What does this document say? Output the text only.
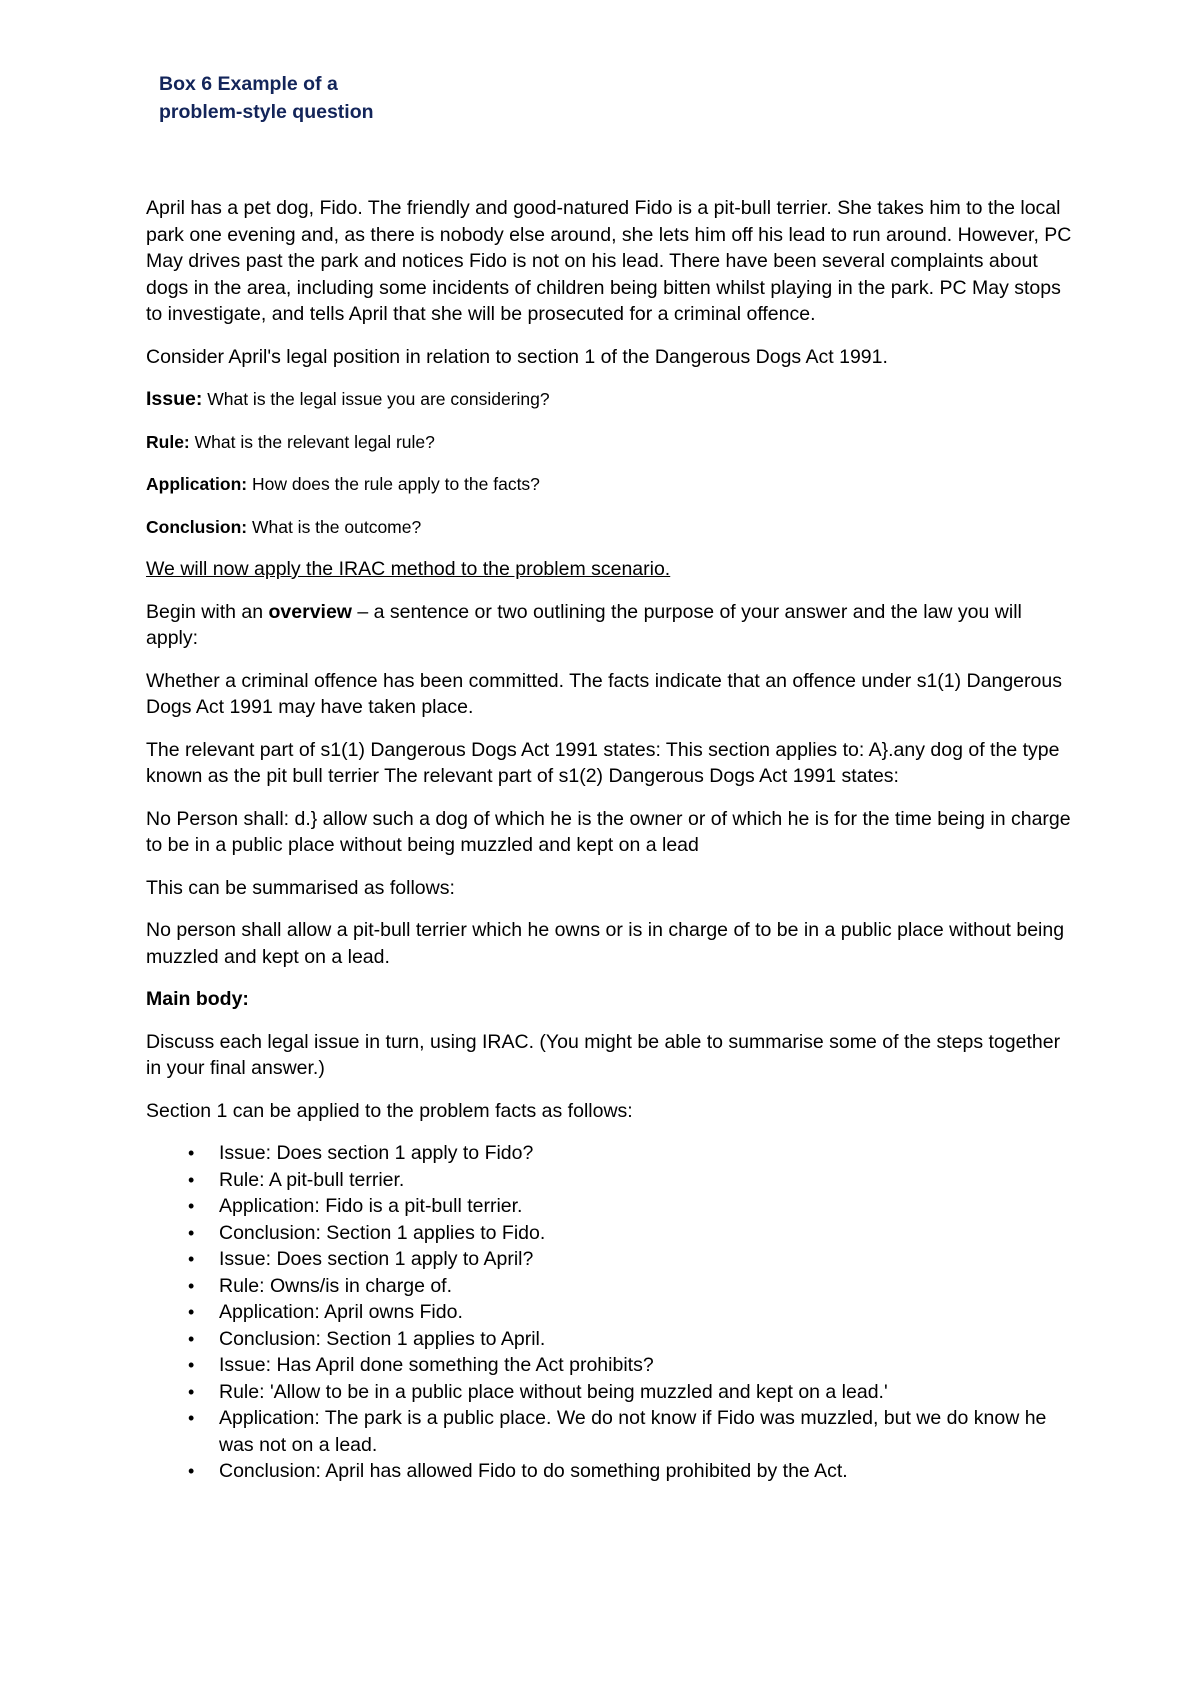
Box 6 Example of a
problem-style question

April has a pet dog, Fido. The friendly and good-natured Fido is a pit-bull terrier. She takes him to the local park one evening and, as there is nobody else around, she lets him off his lead to run around. However, PC May drives past the park and notices Fido is not on his lead. There have been several complaints about dogs in the area, including some incidents of children being bitten whilst playing in the park. PC May stops to investigate, and tells April that she will be prosecuted for a criminal offence.

Consider April's legal position in relation to section 1 of the Dangerous Dogs Act 1991.

Issue: What is the legal issue you are considering?

Rule: What is the relevant legal rule?

Application: How does the rule apply to the facts?

Conclusion: What is the outcome?

We will now apply the IRAC method to the problem scenario.

Begin with an overview – a sentence or two outlining the purpose of your answer and the law you will apply:

Whether a criminal offence has been committed. The facts indicate that an offence under s1(1) Dangerous Dogs Act 1991 may have taken place.

The relevant part of s1(1) Dangerous Dogs Act 1991 states: This section applies to: A}.any dog of the type known as the pit bull terrier The relevant part of s1(2) Dangerous Dogs Act 1991 states:

No Person shall: d.} allow such a dog of which he is the owner or of which he is for the time being in charge to be in a public place without being muzzled and kept on a lead

This can be summarised as follows:

No person shall allow a pit-bull terrier which he owns or is in charge of to be in a public place without being muzzled and kept on a lead.

Main body:

Discuss each legal issue in turn, using IRAC. (You might be able to summarise some of the steps together in your final answer.)

Section 1 can be applied to the problem facts as follows:

• Issue: Does section 1 apply to Fido?
• Rule: A pit-bull terrier.
• Application: Fido is a pit-bull terrier.
• Conclusion: Section 1 applies to Fido.
• Issue: Does section 1 apply to April?
• Rule: Owns/is in charge of.
• Application: April owns Fido.
• Conclusion: Section 1 applies to April.
• Issue: Has April done something the Act prohibits?
• Rule: 'Allow to be in a public place without being muzzled and kept on a lead.'
• Application: The park is a public place. We do not know if Fido was muzzled, but we do know he was not on a lead.
• Conclusion: April has allowed Fido to do something prohibited by the Act.
